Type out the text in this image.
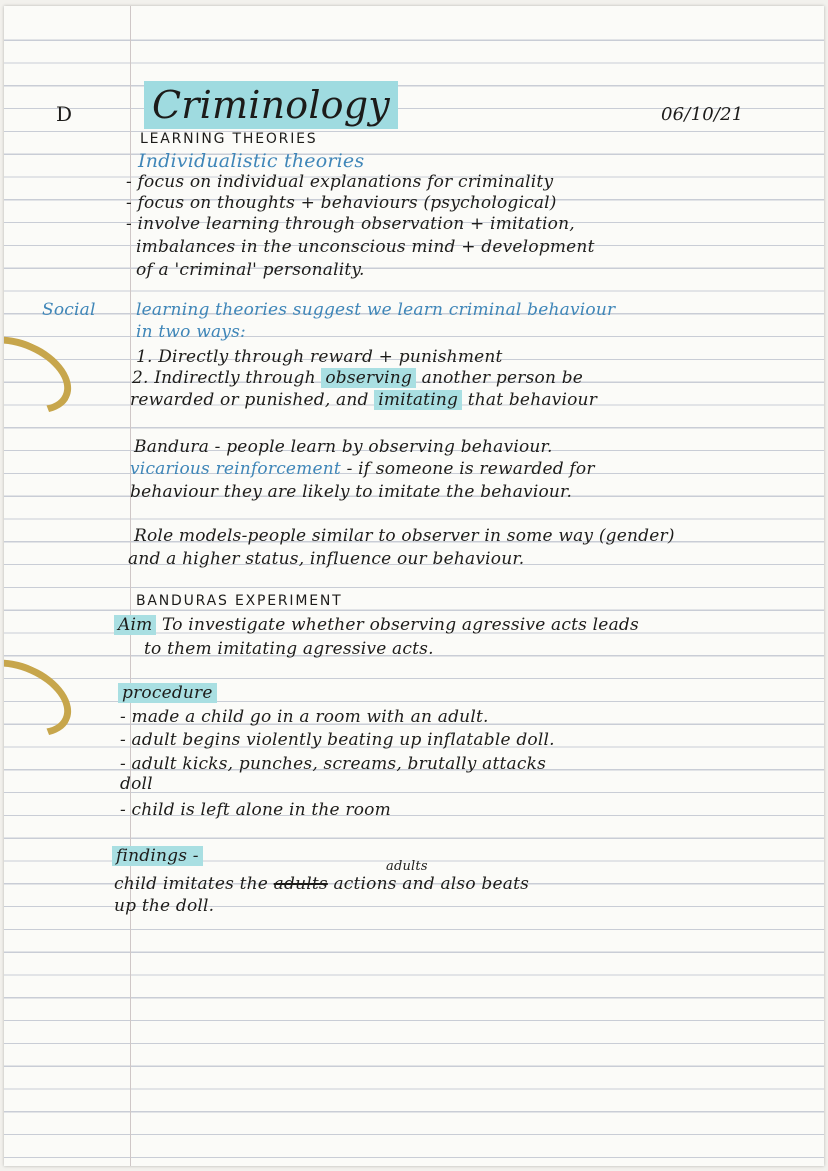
D Criminology	06/10/21
LEARNING THEORIES
Individualistic theories
- focus on individual explanations for criminality
- focus on thoughts + behaviours (psychological)
- involve learning through observation + imitation,
imbalances in the unconscious mind + development
of a 'criminal' personality.
Social learning theories suggest we learn criminal behaviour
in two ways:
1. Directly through reward + punishment
2. Indirectly through observing another person be
rewarded or punished, and imitating that behaviour
Bandura - people learn by observing behaviour.
vicarious reinforcement - if someone is rewarded for
behaviour they are likely to imitate the behaviour.
Role models-people similar to observer in some way (gender)
and a higher status, influence our behaviour.
BANDURAS EXPERIMENT
Aim To investigate whether observing agressive acts leads
to them imitating agressive acts.
procedure
- made a child go in a room with an adult.
- adult begins violently beating up inflatable doll.
- adult kicks, punches, screams, brutally attacks
doll
- child is left alone in the room
findings -
adults
child imitates the adults actions and also beats
up the doll.
